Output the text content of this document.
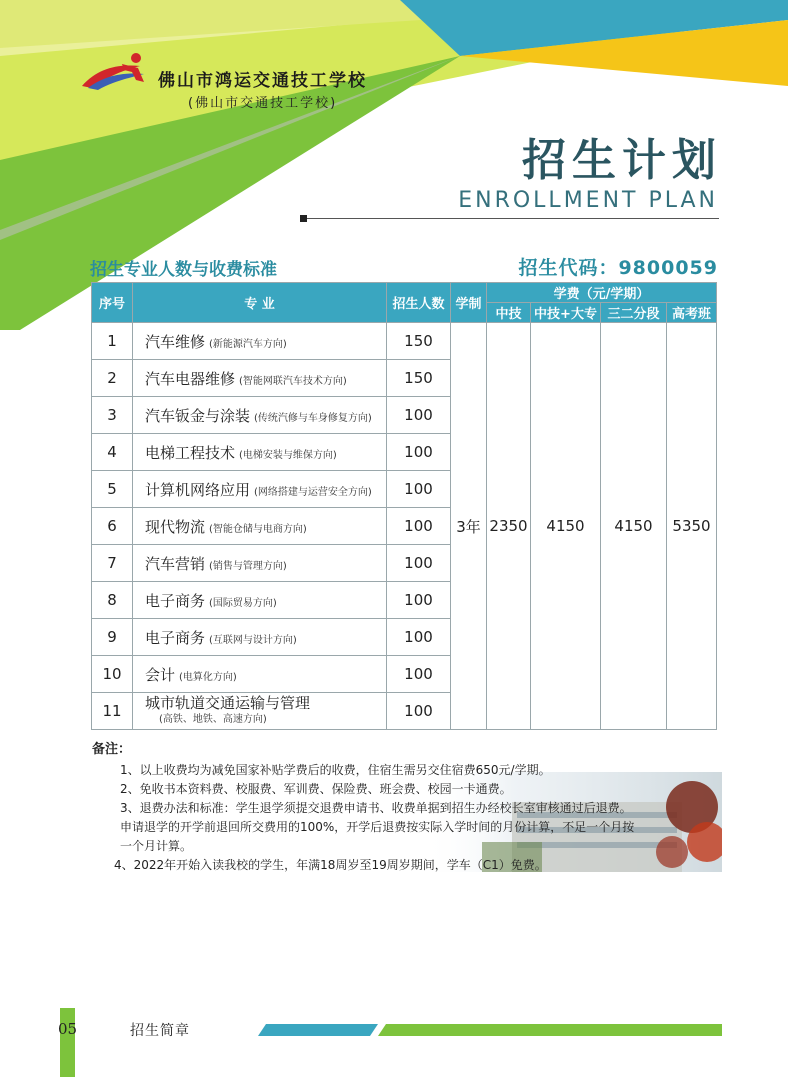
佛山市鸿运交通技工学校
(佛山市交通技工学校)
招生计划
ENROLLMENT PLAN
招生专业人数与收费标准	招生代码：9800059
序号	专 业	招生人数	学制	学费（元/学期）			
				中技	中技+大专	三二分段	高考班
1	汽车维修 (新能源汽车方向)	150	3年	2350	4150	4150	5350
2	汽车电器维修 (智能网联汽车技术方向)	150					
3	汽车钣金与涂装 (传统汽修与车身修复方向)	100					
4	电梯工程技术 (电梯安装与维保方向)	100					
5	计算机网络应用 (网络搭建与运营安全方向)	100					
6	现代物流 (智能仓储与电商方向)	100					
7	汽车营销 (销售与管理方向)	100					
8	电子商务 (国际贸易方向)	100					
9	电子商务 (互联网与设计方向)	100					
10	会计 (电算化方向)	100					
11	城市轨道交通运输与管理
(高铁、地铁、高速方向)	100					
备注：
1、以上收费均为减免国家补贴学费后的收费，住宿生需另交住宿费650元/学期。
2、免收书本资料费、校服费、军训费、保险费、班会费、校园一卡通费。
3、退费办法和标准：学生退学须提交退费申请书、收费单据到招生办经校长室审核通过后退费。申请退学的开学前退回所交费用的100%，开学后退费按实际入学时间的月份计算，不足一个月按一个月计算。
4、2022年开始入读我校的学生，年满18周岁至19周岁期间，学车（C1）免费。
05	招生简章
